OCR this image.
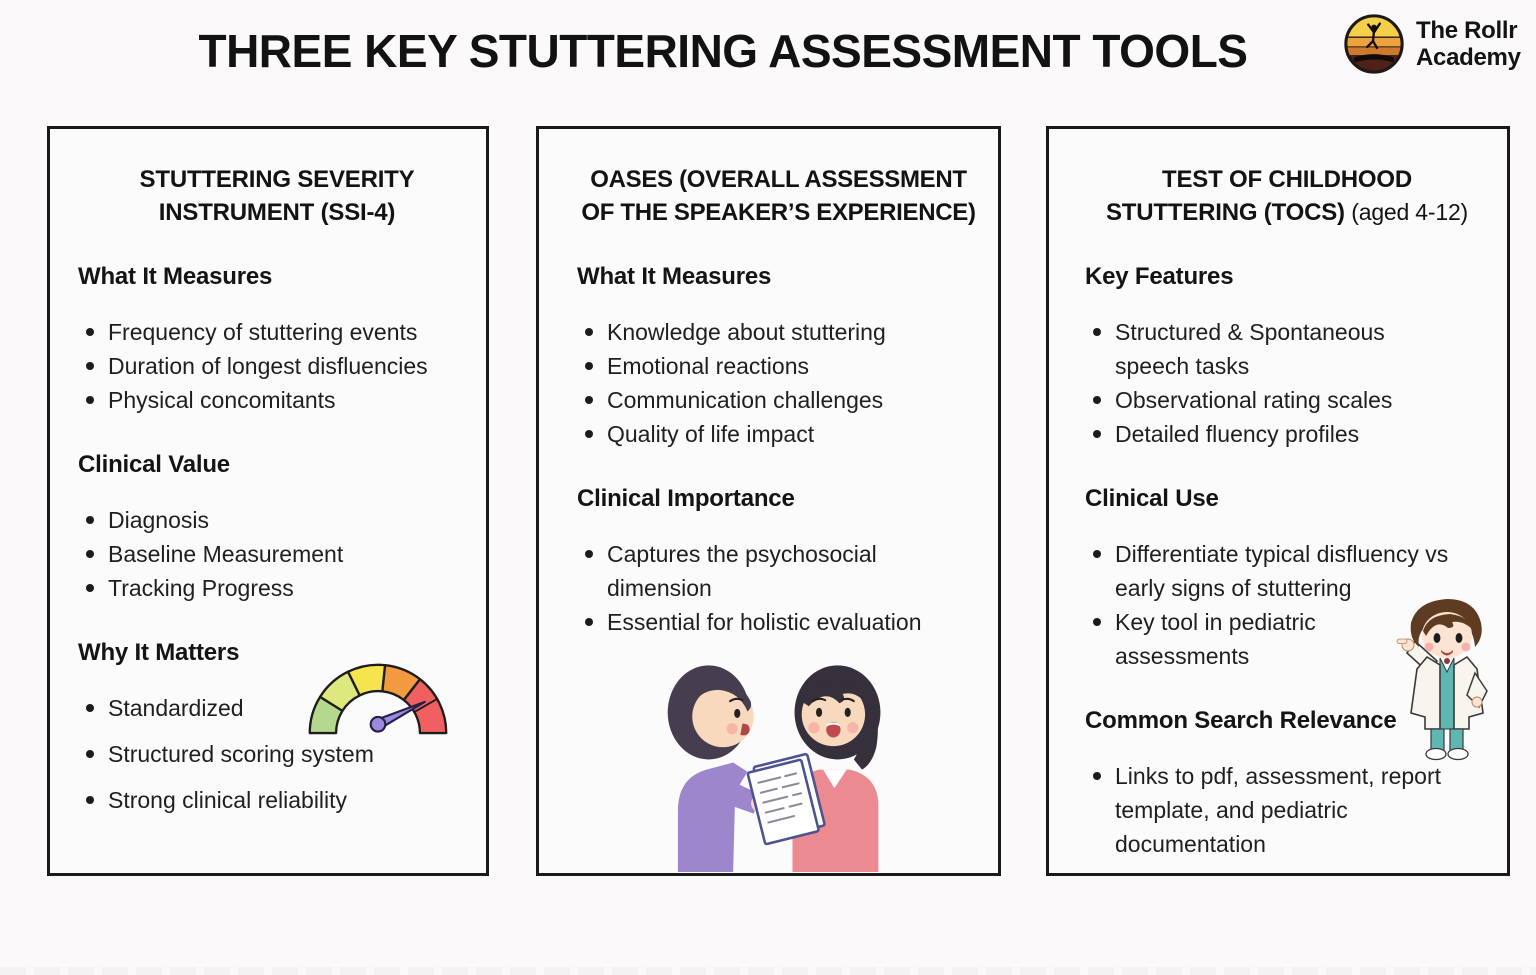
THREE KEY STUTTERING ASSESSMENT TOOLS	The Rollr
Academy
STUTTERING SEVERITY INSTRUMENT (SSI-4)
What It Measures
Frequency of stuttering events
Duration of longest disfluencies
Physical concomitants
Clinical Value
Diagnosis
Baseline Measurement
Tracking Progress
Why It Matters
Standardized
Structured scoring system
Strong clinical reliability
OASES (OVERALL ASSESSMENT OF THE SPEAKER’S EXPERIENCE)
What It Measures
Knowledge about stuttering
Emotional reactions
Communication challenges
Quality of life impact
Clinical Importance
Captures the psychosocial dimension
Essential for holistic evaluation
TEST OF CHILDHOOD STUTTERING (TOCS) (aged 4-12)
Key Features
Structured & Spontaneous speech tasks
Observational rating scales
Detailed fluency profiles
Clinical Use
Differentiate typical disfluency vs early signs of stuttering
Key tool in pediatric assessments
Common Search Relevance
Links to pdf, assessment, report template, and pediatric documentation
